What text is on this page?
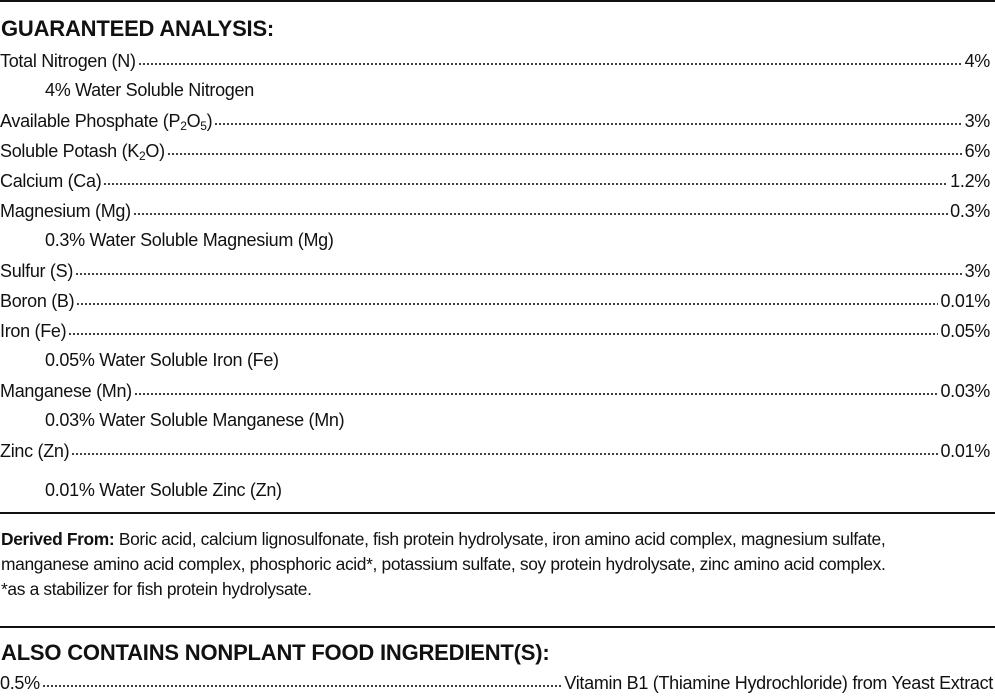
GUARANTEED ANALYSIS:
Total Nitrogen (N)	4%
4% Water Soluble Nitrogen
Available Phosphate $(P_2O_5)$	3%
Soluble Potash $(K_2O)$	6%
Calcium (Ca)	1.2%
Magnesium (Mg)	0.3%
0.3% Water Soluble Magnesium (Mg)
Sulfur (S)	3%
Boron (B)	0.01%
Iron (Fe)	0.05%
0.05% Water Soluble Iron (Fe)
Manganese (Mn)	0.03%
0.03% Water Soluble Manganese (Mn)
Zinc (Zn)	0.01%
0.01% Water Soluble Zinc (Zn)
Derived From: Boric acid, calcium lignosulfonate, fish protein hydrolysate, iron amino acid complex, magnesium sulfate,
manganese amino acid complex, phosphoric acid*, potassium sulfate, soy protein hydrolysate, zinc amino acid complex.
*as a stabilizer for fish protein hydrolysate.
ALSO CONTAINS NONPLANT FOOD INGREDIENT(S):
0.5%	Vitamin B1 (Thiamine Hydrochloride) from Yeast Extract
